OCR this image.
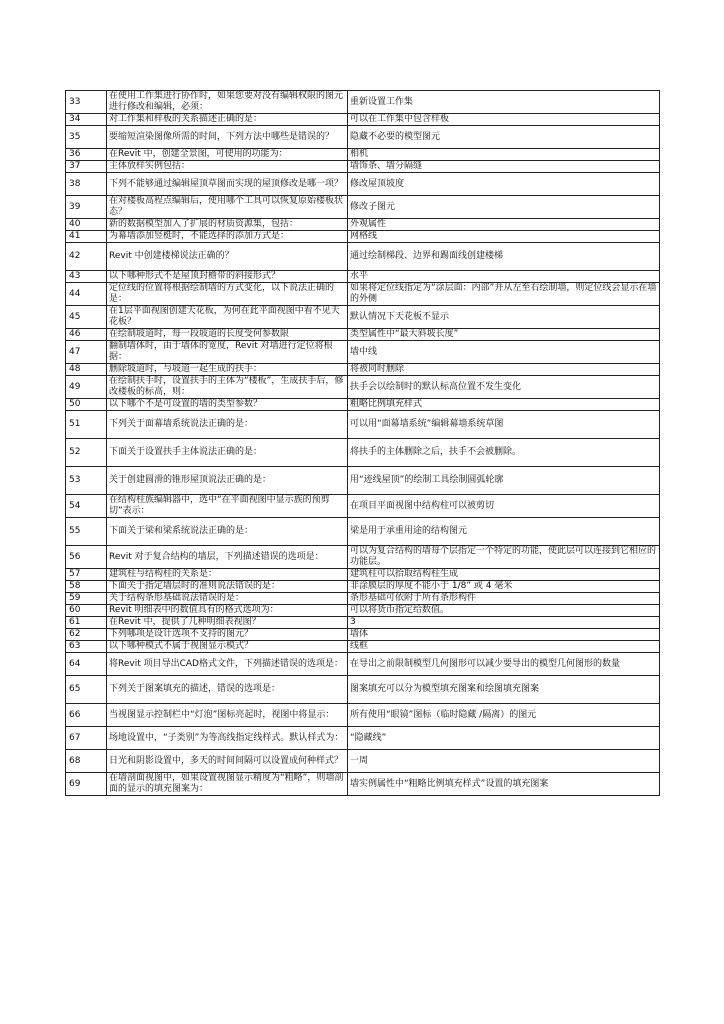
33	在使用工作集进行协作时，如果您要对没有编辑权限的图元进行修改和编辑，必须：	重新设置工作集
34	对工作集和样板的关系描述正确的是：	可以在工作集中包含样板
35	要缩短渲染图像所需的时间，下列方法中哪些是错误的？	隐藏不必要的模型图元
36	在Revit 中，创建全景图，可使用的功能为：	相机
37	主体放样实例包括：	墙饰条、墙分隔缝
38	下列不能够通过编辑屋顶草图而实现的屋顶修改是哪一项？	修改屋顶坡度
39	在对楼板高程点编辑后，使用哪个工具可以恢复原始楼板状态？	修改子图元
40	新的数据模型加入了扩展的材质资源集，包括：	外观属性
41	为幕墙添加竖梃时，不能选择的添加方式是：	网格线
42	Revit 中创建楼梯说法正确的？	通过绘制梯段、边界和踢面线创建楼梯
43	以下哪种形式不是屋顶封檐带的斜接形式？	水平
44	定位线的位置将根据绘制墙的方式变化，以下说法正确的是：	如果将定位线指定为“涂层面：内部”并从左至右绘制墙，则定位线会显示在墙的外侧
45	在1层平面视图创建天花板，为何在此平面视图中看不见天花板？	默认情况下天花板不显示
46	在绘制坡道时，每一段坡道的长度受何参数限	类型属性中“最大斜坡长度”
47	翻制墙体时，由于墙体的宽度，Revit 对墙进行定位将根据：	墙中线
48	删除坡道时，与坡道一起生成的扶手：	将被同时删除
49	在绘制扶手时，设置扶手的主体为“楼板”，生成扶手后，修改楼板的标高，则：	扶手会以绘制时的默认标高位置不发生变化
50	以下哪个不是可设置的墙的类型参数？	粗略比例填充样式
51	下列关于面幕墙系统说法正确的是：	可以用“面幕墙系统”编辑幕墙系统草图
52	下面关于设置扶手主体说法正确的是：	将扶手的主体删除之后，扶手不会被删除。
53	关于创建圆滑的锥形屋顶说法正确的是：	用“迹线屋顶”的绘制工具绘制圆弧轮廓
54	在结构柱族编辑器中，选中“在平面视图中显示族的预剪切”表示：	在项目平面视图中结构柱可以被剪切
55	下面关于梁和梁系统说法正确的是：	梁是用于承重用途的结构图元
56	Revit 对于复合结构的墙层，下列描述错误的选项是：	可以为复合结构的墙每个层指定一个特定的功能，使此层可以连接到它相应的功能层。
57	建筑柱与结构柱的关系是：	建筑柱可以拾取结构柱生成
58	下面关于指定墙层时的准则说法错误的是：	非涂膜层的厚度不能小于 1/8” 或 4 毫米
59	关于结构条形基础说法错误的是：	条形基础可依附于所有条形构件
60	Revit 明细表中的数值具有的格式选项为：	可以将货币指定给数值。
61	在Revit 中，提供了几种明细表视图？	3
62	下列哪项是设计选项不支持的图元？	墙体
63	以下哪种模式不属于视图显示模式？	线框
64	将Revit 项目导出CAD格式文件，下列描述错误的选项是：	在导出之前限制模型几何图形可以减少要导出的模型几何图形的数量
65	下列关于图案填充的描述，错误的选项是：	图案填充可以分为模型填充图案和绘图填充图案
66	当视图显示控制栏中“灯泡”图标亮起时，视图中将显示：	所有使用“眼镜”图标（临时隐藏 /隔离）的图元
67	场地设置中，“子类别”为等高线指定线样式。默认样式为：	“隐藏线”
68	日光和阴影设置中，多天的时间间隔可以设置成何种样式？	一周
69	在墙剖面视图中，如果设置视图显示精度为“粗略”，则墙剖面的显示的填充图案为：	墙实例属性中“粗略比例填充样式”设置的填充图案
